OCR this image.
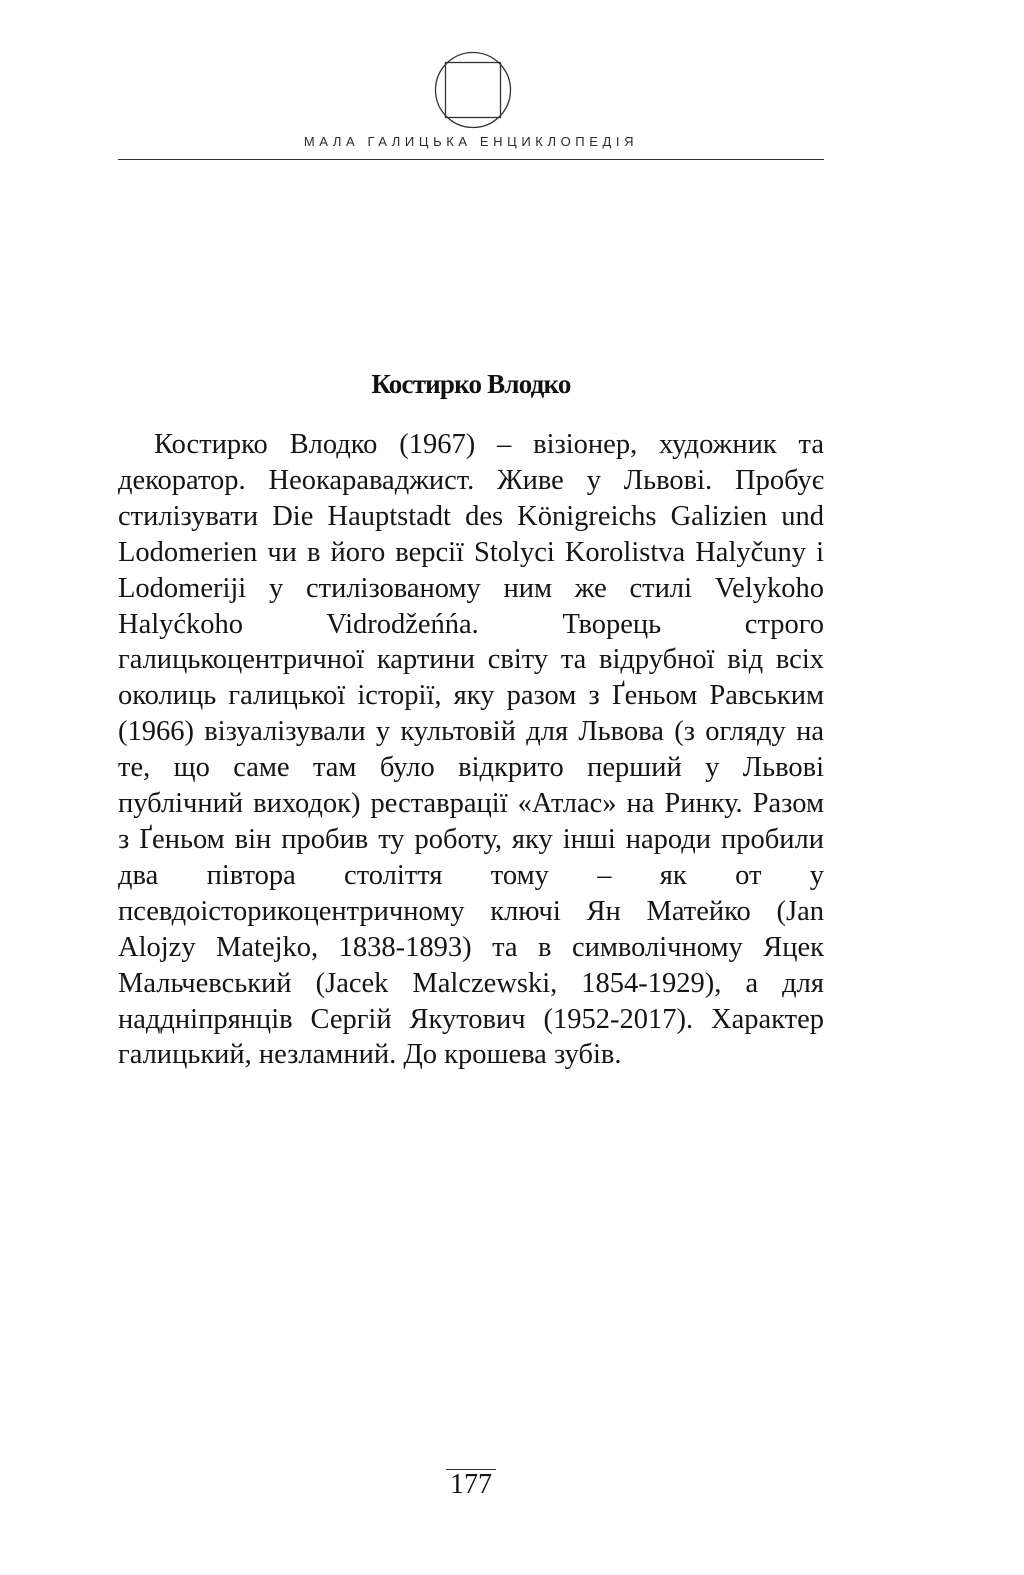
МАЛА ГАЛИЦЬКА ЕНЦИКЛОПЕДІЯ
Костирко Влодко

Костирко Влодко (1967) – візіонер, художник та декоратор. Неокараваджист. Живе у Львові. Пробує стилізувати Die Hauptstadt des Königreichs Galizien und Lodomerien чи в його версії Stolyci Korolistva Halyčuny і Lodomeriji у стилізованому ним же стилі Velykoho Halyćkoho Vidrodžeńńa. Творець строго галицькоцентричної картини світу та відрубної від всіх околиць галицької історії, яку разом з Ґеньом Равським (1966) візуалізували у культовій для Львова (з огляду на те, що саме там було відкрито перший у Львові публічний виходок) реставрації «Атлас» на Ринку. Разом з Ґеньом він пробив ту роботу, яку інші народи пробили два півтора століття тому – як от у псевдоісторикоцентричному ключі Ян Матейко (Jan Alojzy Matejko, 1838-1893) та в символічному Яцек Мальчевський (Jacek Malczewski, 1854-1929), а для наддніпрянців Сергій Якутович (1952-2017). Характер галицький, незламний. До крошева зубів.

177
